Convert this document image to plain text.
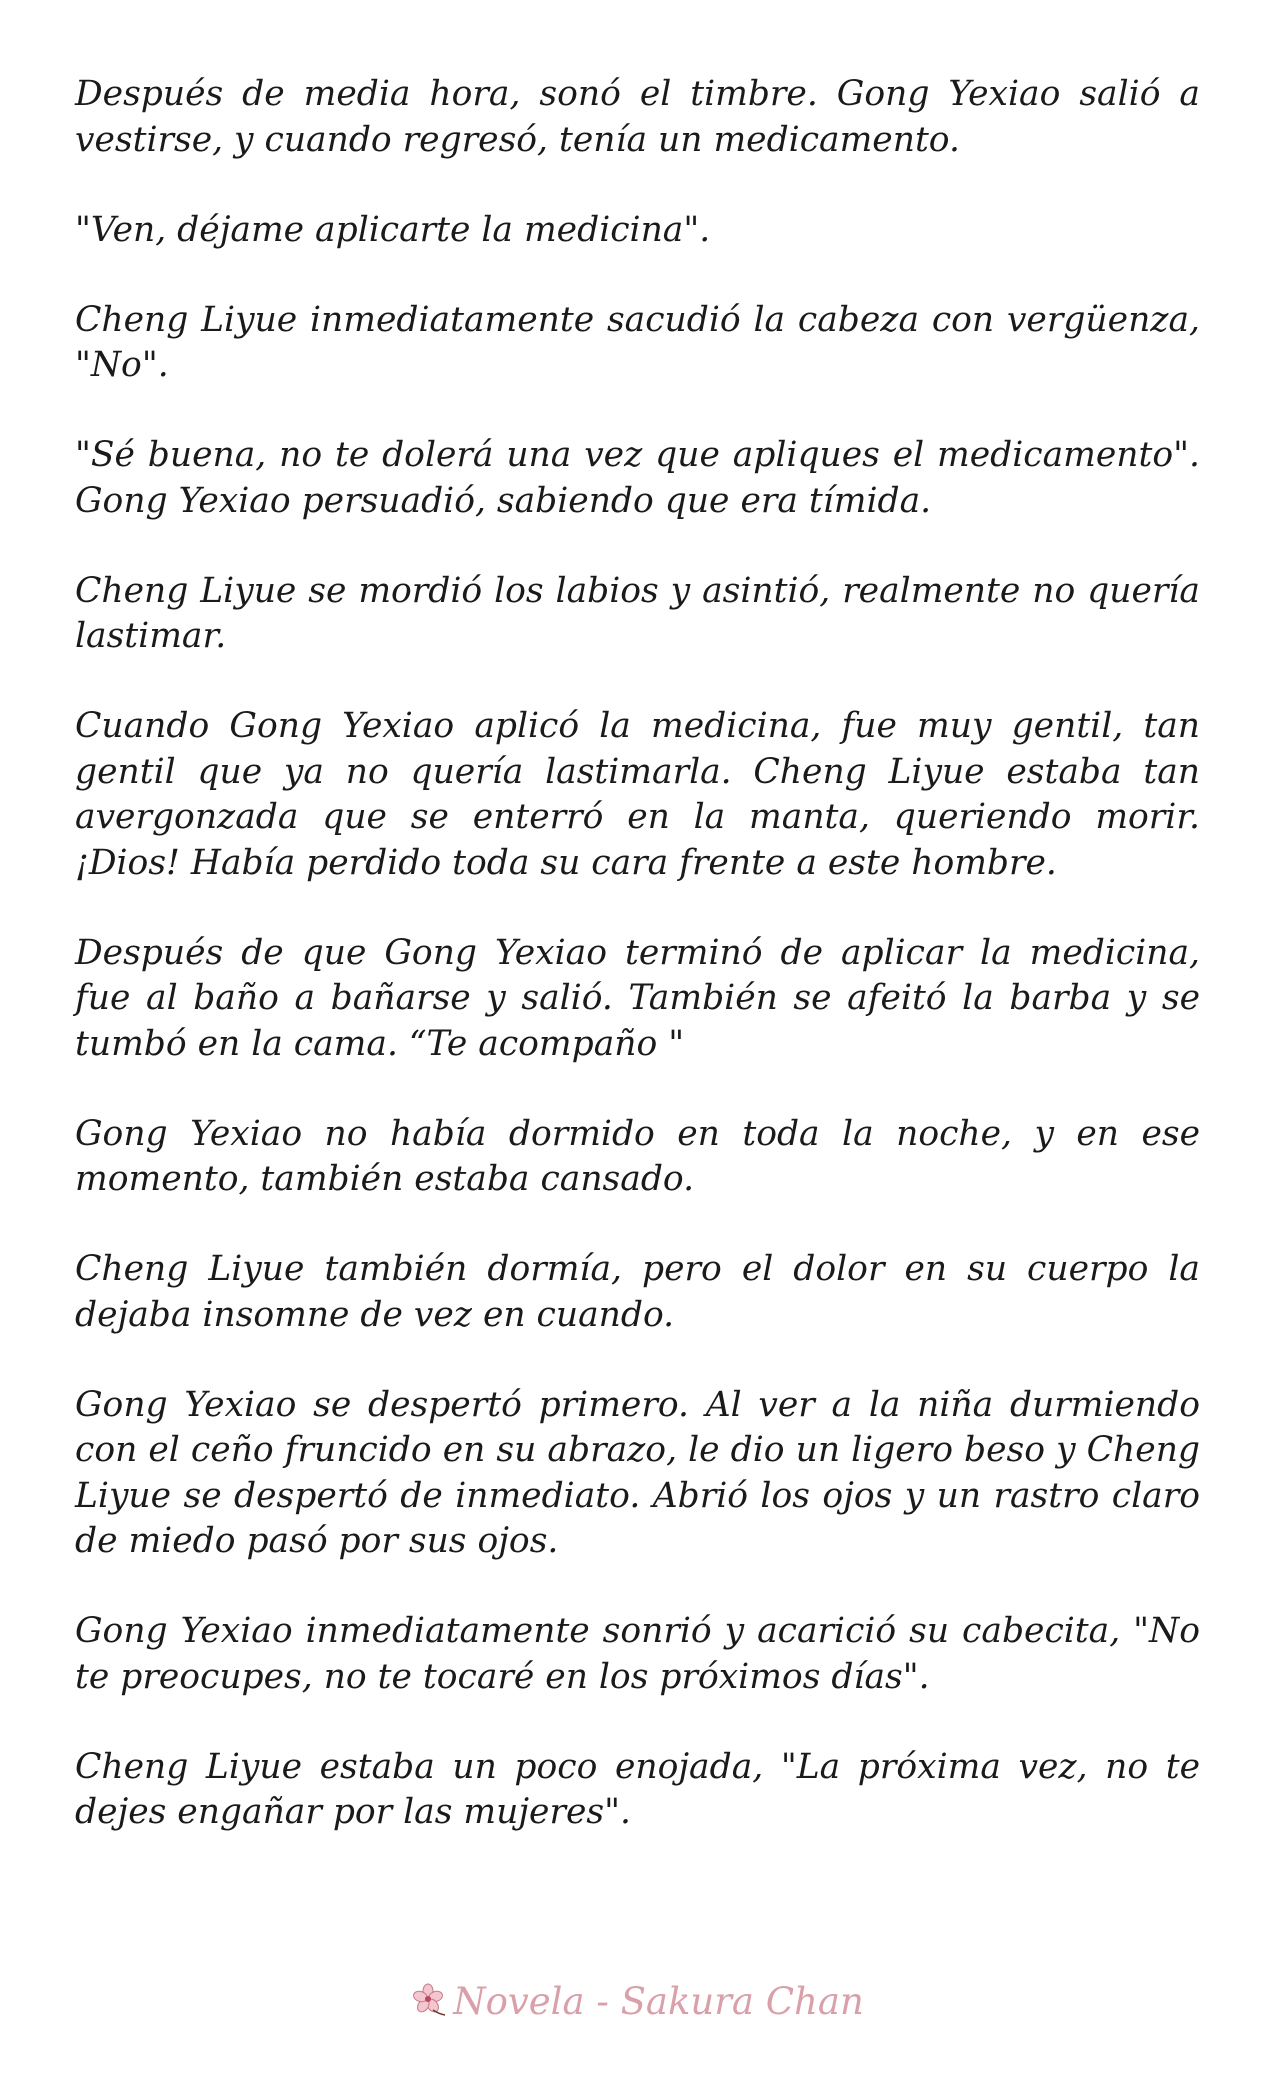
Después de media hora, sonó el timbre. Gong Yexiao salió a vestirse, y cuando regresó, tenía un medicamento.

"Ven, déjame aplicarte la medicina".

Cheng Liyue inmediatamente sacudió la cabeza con vergüenza, "No".

"Sé buena, no te dolerá una vez que apliques el medicamento". Gong Yexiao persuadió, sabiendo que era tímida.

Cheng Liyue se mordió los labios y asintió, realmente no quería lastimar.

Cuando Gong Yexiao aplicó la medicina, fue muy gentil, tan gentil que ya no quería lastimarla. Cheng Liyue estaba tan avergonzada que se enterró en la manta, queriendo morir. ¡Dios! Había perdido toda su cara frente a este hombre.

Después de que Gong Yexiao terminó de aplicar la medicina, fue al baño a bañarse y salió. También se afeitó la barba y se tumbó en la cama. “Te acompaño "

Gong Yexiao no había dormido en toda la noche, y en ese momento, también estaba cansado.

Cheng Liyue también dormía, pero el dolor en su cuerpo la dejaba insomne de vez en cuando.

Gong Yexiao se despertó primero. Al ver a la niña durmiendo con el ceño fruncido en su abrazo, le dio un ligero beso y Cheng Liyue se despertó de inmediato. Abrió los ojos y un rastro claro de miedo pasó por sus ojos.

Gong Yexiao inmediatamente sonrió y acarició su cabecita, "No te preocupes, no te tocaré en los próximos días".

Cheng Liyue estaba un poco enojada, "La próxima vez, no te dejes engañar por las mujeres".

Novela - Sakura Chan
